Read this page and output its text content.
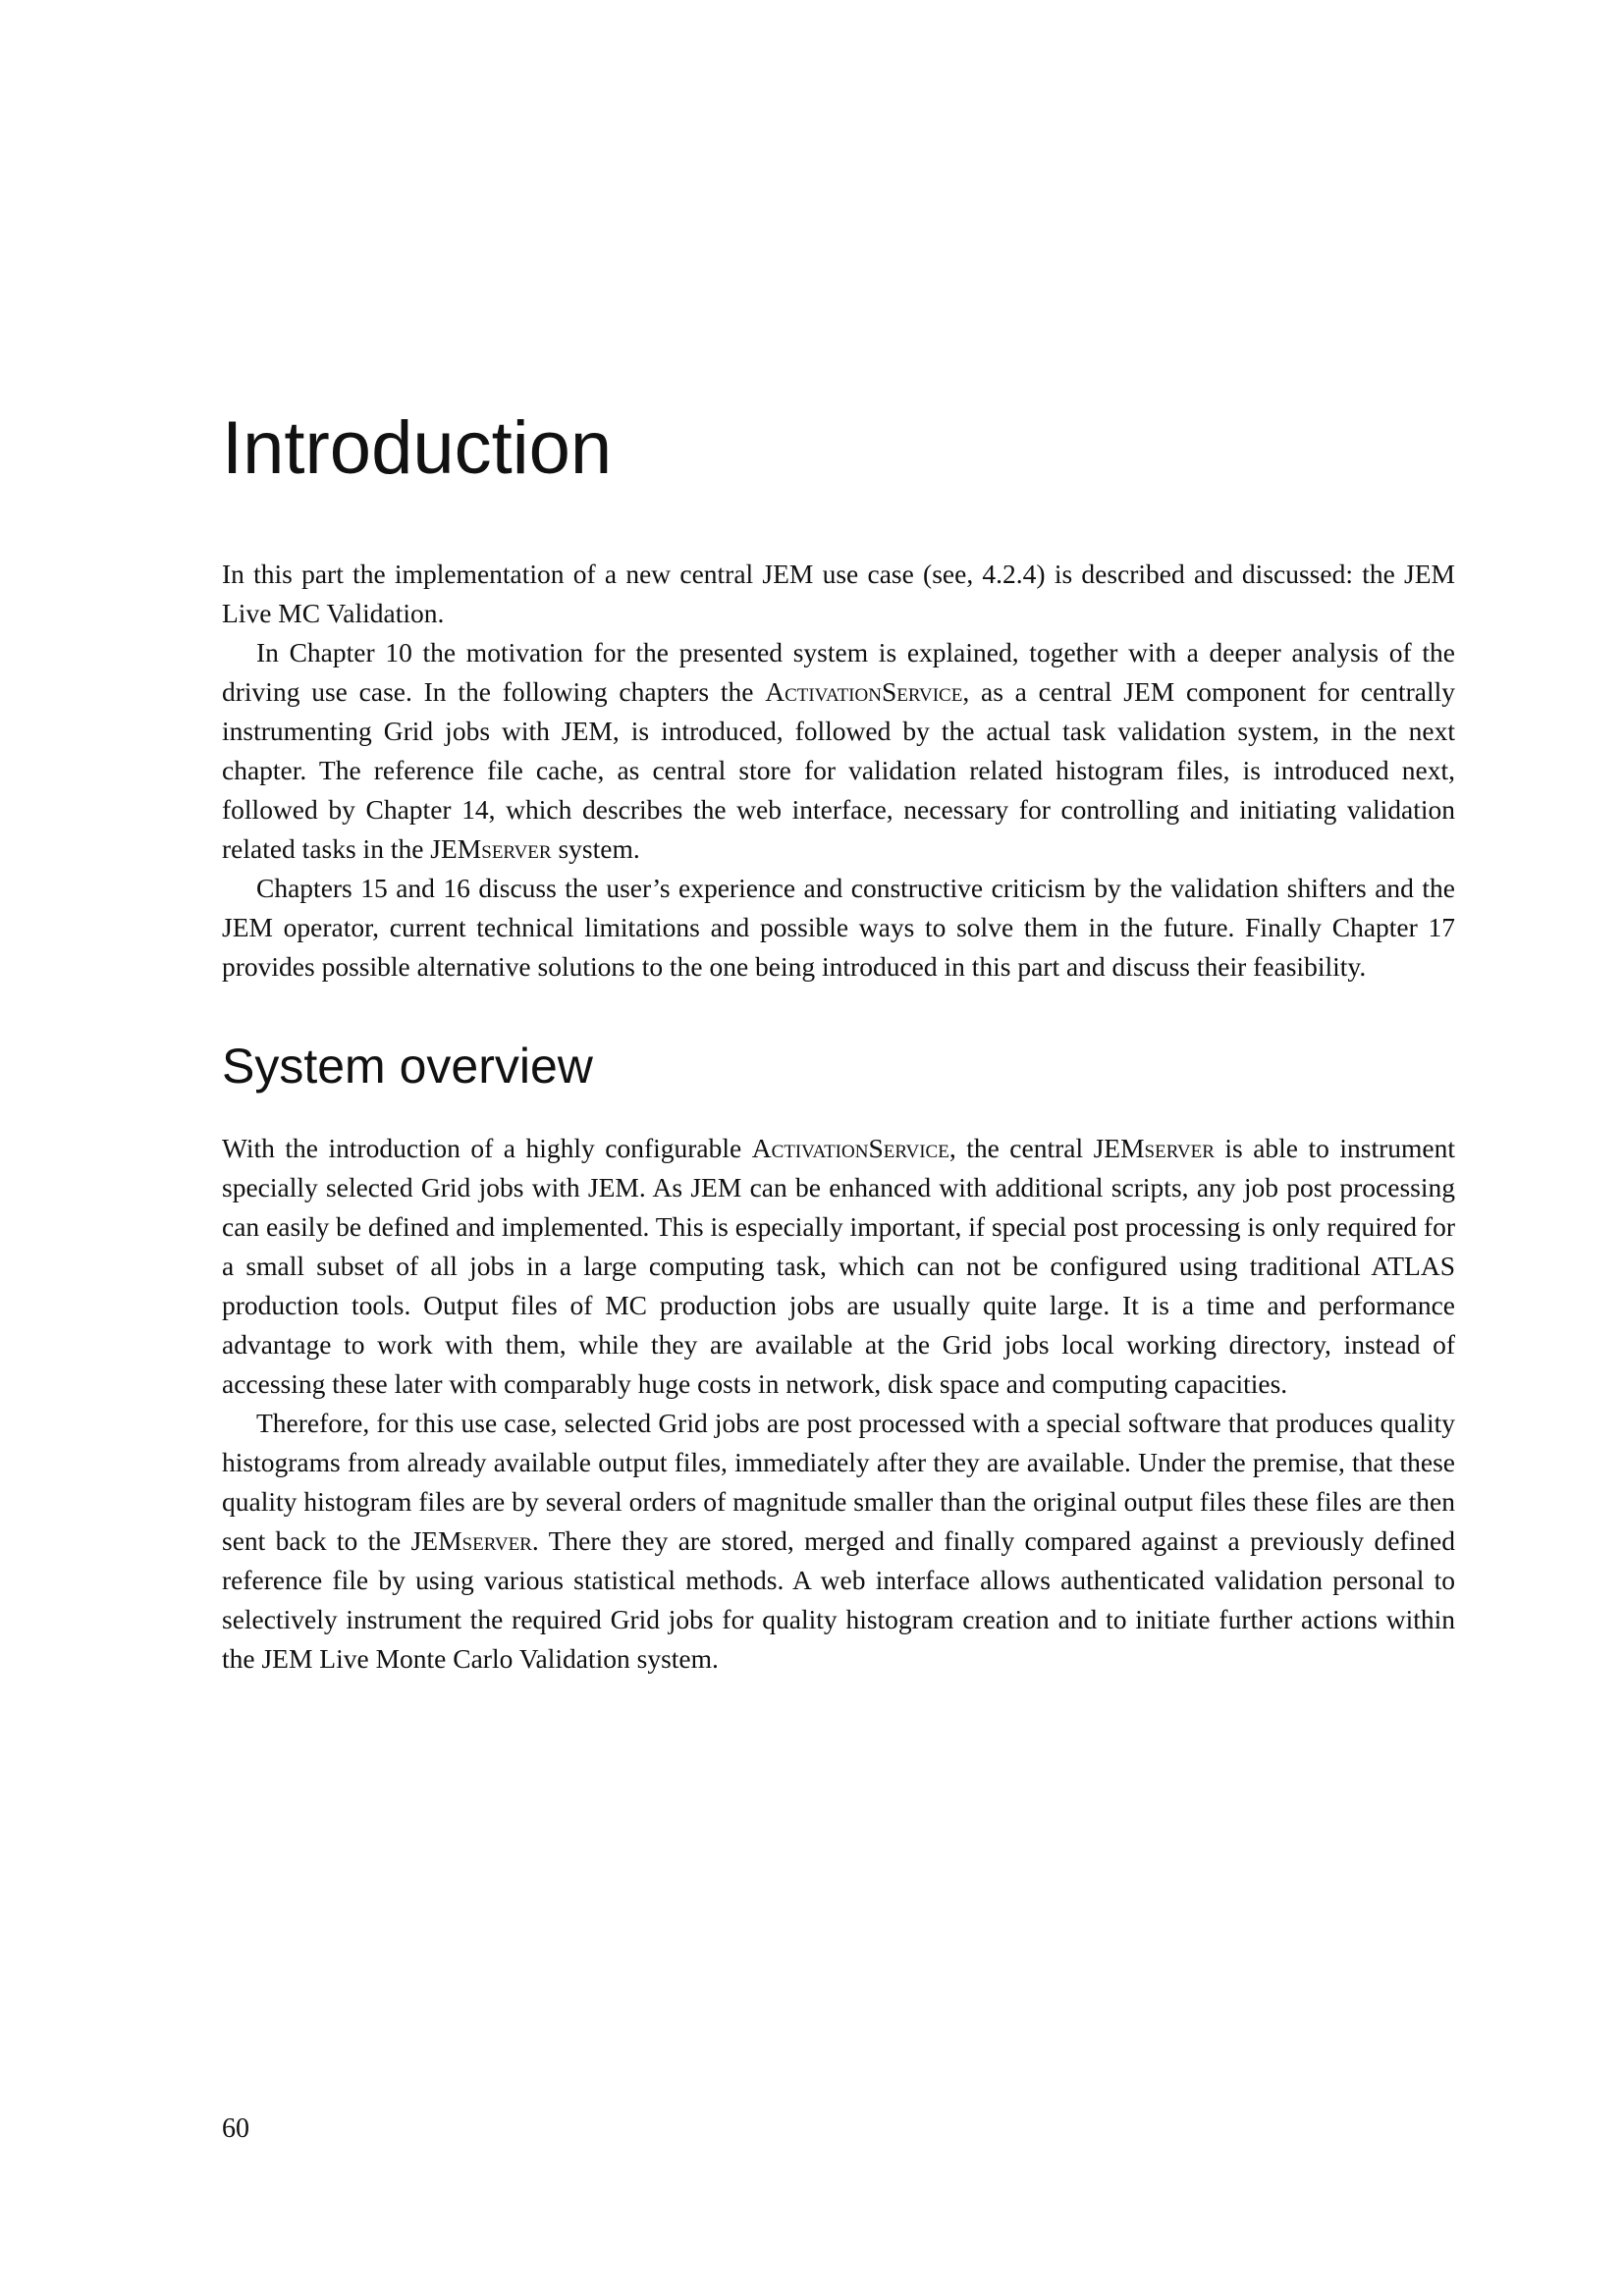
Introduction

In this part the implementation of a new central JEM use case (see, 4.2.4) is described and discussed: the JEM Live MC Validation.

In Chapter 10 the motivation for the presented system is explained, together with a deeper analysis of the driving use case. In the following chapters the ActivationService, as a central JEM component for centrally instrumenting Grid jobs with JEM, is introduced, followed by the actual task validation system, in the next chapter. The reference file cache, as central store for validation related histogram files, is introduced next, followed by Chapter 14, which describes the web interface, necessary for controlling and initiating validation related tasks in the JEMserver system.

Chapters 15 and 16 discuss the user’s experience and constructive criticism by the validation shifters and the JEM operator, current technical limitations and possible ways to solve them in the future. Finally Chapter 17 provides possible alternative solutions to the one being introduced in this part and discuss their feasibility.

System overview

With the introduction of a highly configurable ActivationService, the central JEMserver is able to instrument specially selected Grid jobs with JEM. As JEM can be enhanced with additional scripts, any job post processing can easily be defined and implemented. This is especially important, if special post processing is only required for a small subset of all jobs in a large computing task, which can not be configured using traditional ATLAS production tools. Output files of MC production jobs are usually quite large. It is a time and performance advantage to work with them, while they are available at the Grid jobs local working directory, instead of accessing these later with comparably huge costs in network, disk space and computing capacities.

Therefore, for this use case, selected Grid jobs are post processed with a special software that produces quality histograms from already available output files, immediately after they are available. Under the premise, that these quality histogram files are by several orders of magnitude smaller than the original output files these files are then sent back to the JEMserver. There they are stored, merged and finally compared against a previously defined reference file by using various statistical methods. A web interface allows authenticated validation personal to selectively instrument the required Grid jobs for quality histogram creation and to initiate further actions within the JEM Live Monte Carlo Validation system.

60
